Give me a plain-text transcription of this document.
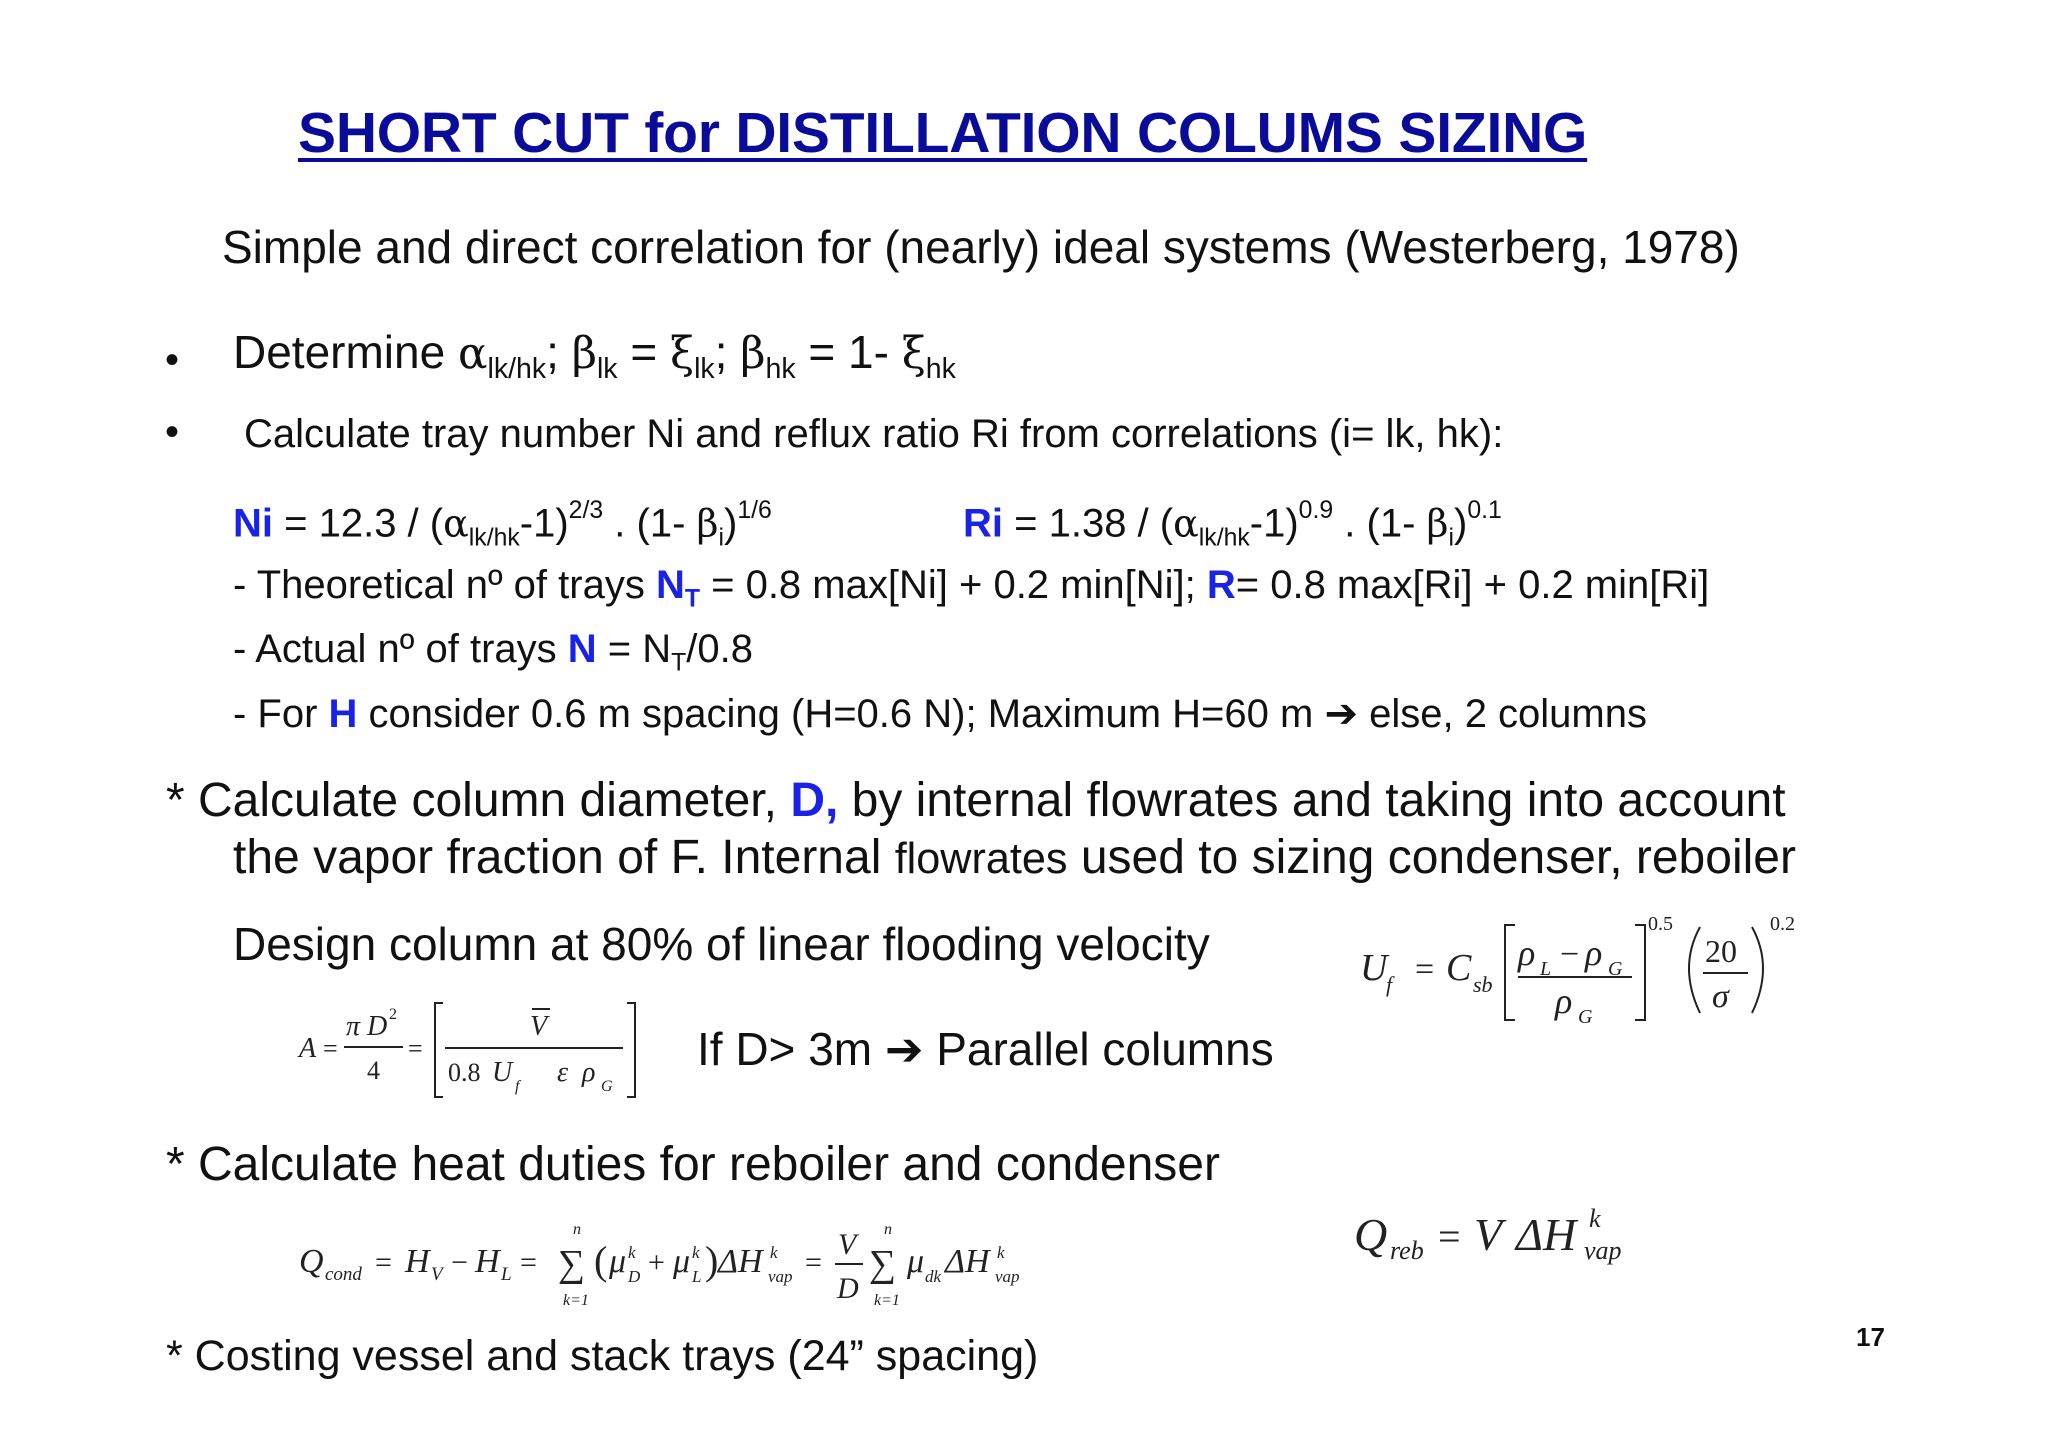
SHORT CUT for DISTILLATION COLUMS SIZING
Simple and direct correlation for (nearly) ideal systems (Westerberg, 1978)
• Determine $\alpha_{lk/hk}$; $\beta_{lk} = \xi_{lk}$; $\beta_{hk} = 1-$ $\xi_{hk}$
• Calculate tray number Ni and reflux ratio Ri from correlations (i= lk, hk):
$Ni = 12.3 / (\alpha_{lk/hk}-1)^{2/3}$ . (1- $\beta_i)^{1/6}$	$Ri = 1.38 / (\alpha_{lk/hk}-1)^{0.9}$ . (1- $\beta_i)^{0.1}$
- Theoretical nº of trays $N_T = 0.8$ max[Ni] + 0.2 min[Ni]; R= 0.8 max[Ri] + 0.2 min[Ri]
- Actual nº of trays $N = N_T/0.8$
- For H consider 0.6 m spacing (H=0.6 N); Maximum H=60 m ➔ else, 2 columns
* Calculate column diameter, D, by internal flowrates and taking into account
the vapor fraction of F. Internal flowrates used to sizing condenser, reboiler
Design column at 80% of linear flooding velocity	U
f = C sb
ρ L − ρ G
ρ G
0.5
20
σ
0.2
A =
π D 2
4
=
V
0.8 U f ε ρ G
If D> 3m ➔ Parallel columns
* Calculate heat duties for reboiler and condenser
Q cond = H V − H L =
n
∑
k=1
( μ k
D + μ k
L ) ΔH k
vap =
V
D
n
∑
k=1
μ dk ΔH k
vap
Q reb = V ΔH k
vap
* Costing vessel and stack trays (24” spacing)	17
